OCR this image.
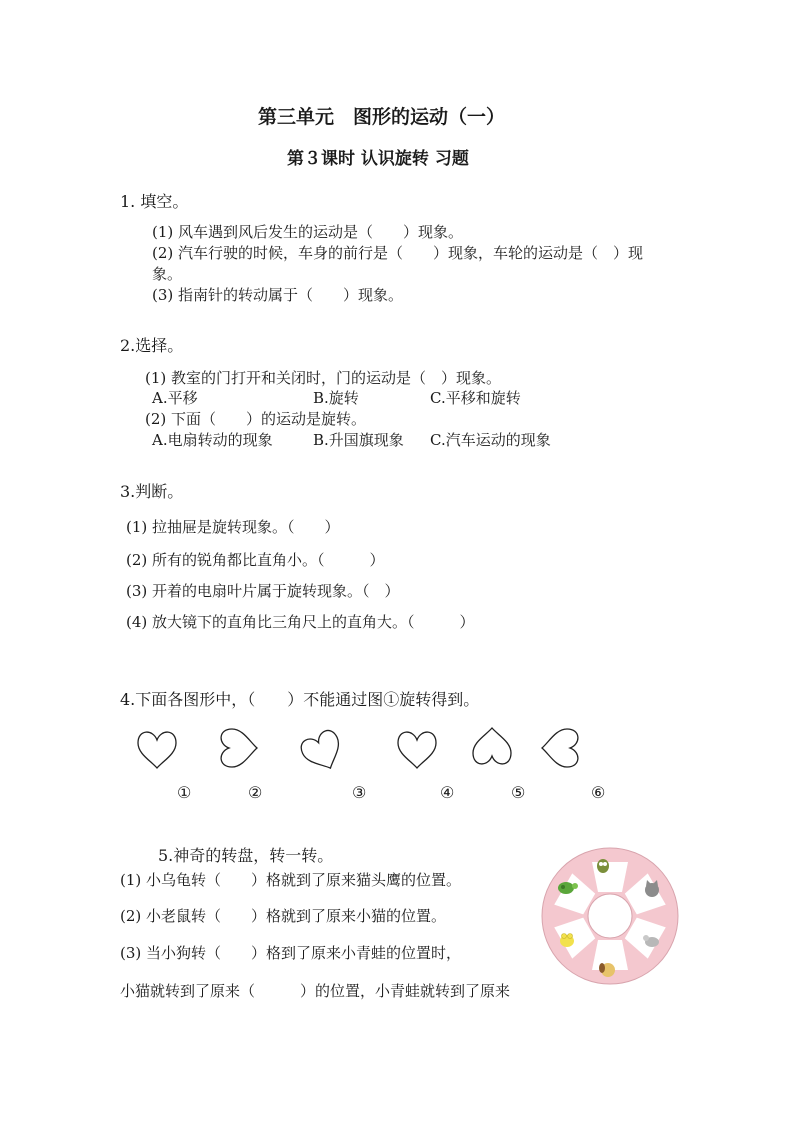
第三单元　图形的运动（一）
第３课时 认识旋转 习题
1. 填空。
(1) 风车遇到风后发生的运动是（　　）现象。
(2) 汽车行驶的时候，车身的前行是（　　）现象，车轮的运动是（　）现
象。
(3) 指南针的转动属于（　　）现象。
2.选择。
(1) 教室的门打开和关闭时，门的运动是（　）现象。
A.平移	B.旋转	C.平移和旋转
(2) 下面（　　）的运动是旋转。
A.电扇转动的现象	B.升国旗现象 C.汽车运动的现象
3.判断。
(1) 拉抽屉是旋转现象。（　　）
(2) 所有的锐角都比直角小。（　　　）
(3) 开着的电扇叶片属于旋转现象。（　）
(4) 放大镜下的直角比三角尺上的直角大。（　　　）
4.下面各图形中，（　　）不能通过图①旋转得到。
①	②	③	④	⑤	⑥
5.神奇的转盘，转一转。
(1) 小乌龟转（　　）格就到了原来猫头鹰的位置。
(2) 小老鼠转（　　）格就到了原来小猫的位置。
(3) 当小狗转（　　）格到了原来小青蛙的位置时，
小猫就转到了原来（　　　）的位置，小青蛙就转到了原来
